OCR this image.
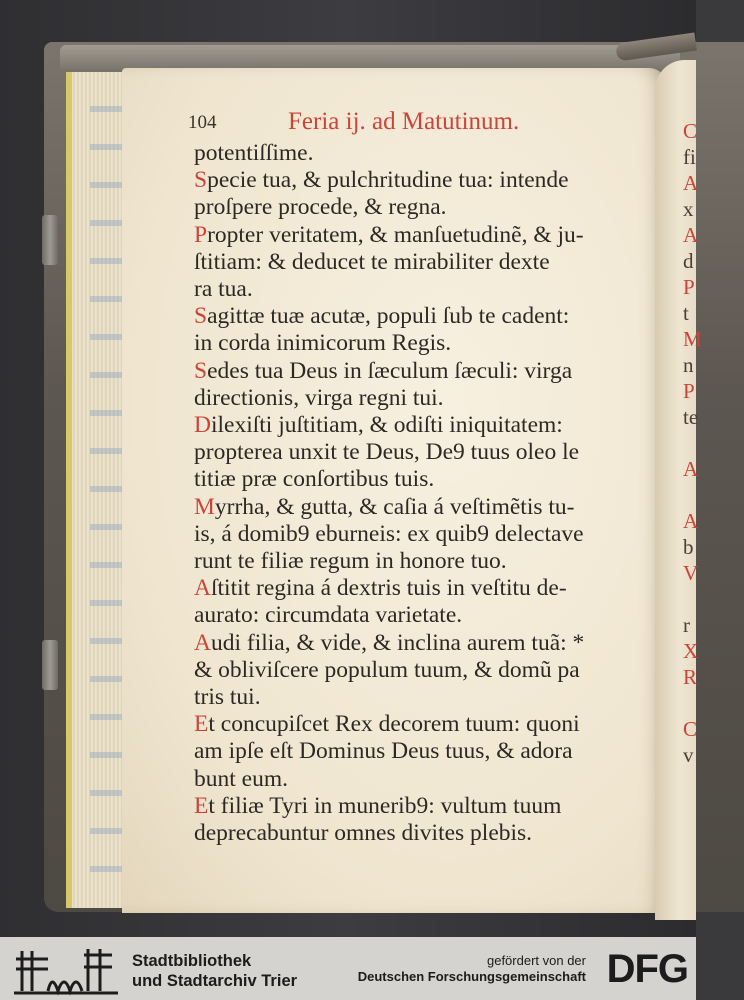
104	Feria ij. ad Matutinum.
potentiſſime.
Specie tua, & pulchritudine tua: intende
proſpere procede, & regna.
Propter veritatem, & manſuetudinẽ, & ju-
ſtitiam: & deducet te mirabiliter dexte
ra tua.
Sagittæ tuæ acutæ, populi ſub te cadent:
in corda inimicorum Regis.
Sedes tua Deus in ſæculum ſæculi: virga
directionis, virga regni tui.
Dilexiſti juſtitiam, & odiſti iniquitatem:
propterea unxit te Deus, De9 tuus oleo le
titiæ præ conſortibus tuis.
Myrrha, & gutta, & caſia á veſtimẽtis tu-
is, á domib9 eburneis: ex quib9 delectave
runt te filiæ regum in honore tuo.
Aſtitit regina á dextris tuis in veſtitu de-
aurato: circumdata varietate.
Audi filia, & vide, & inclina aurem tuã: *
& obliviſcere populum tuum, & domũ pa
tris tui.
Et concupiſcet Rex decorem tuum: quoni
am ipſe eſt Dominus Deus tuus, & adora
bunt eum.
Et filiæ Tyri in munerib9: vultum tuum
deprecabuntur omnes divites plebis.
C
fi
A
x
A
d
P
t
M
n
P
te

A

A
b
V

r
X
R

C
v
Stadtbibliothek
und Stadtarchiv Trier
gefördert von der
Deutschen Forschungsgemeinschaft DFG
